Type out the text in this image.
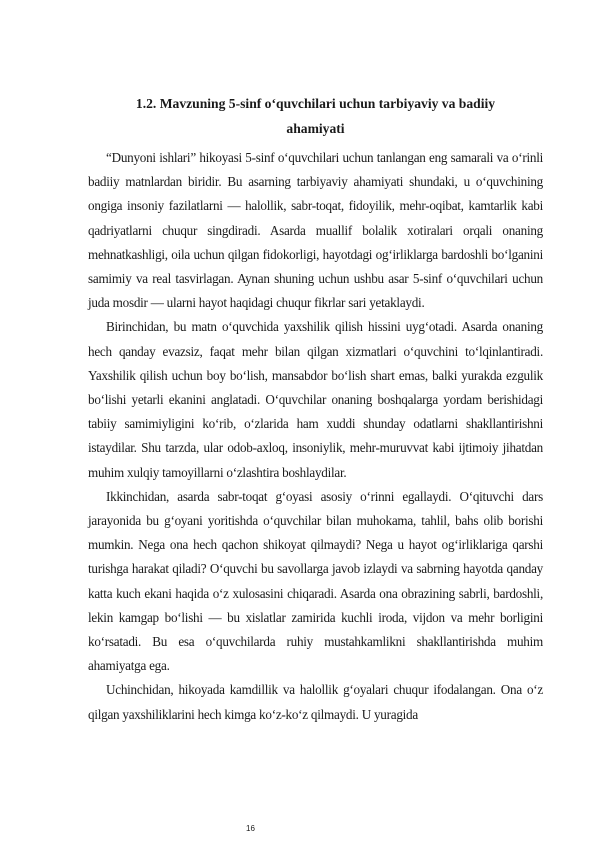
1.2. Mavzuning 5-sinf o‘quvchilari uchun tarbiyaviy va badiiy
ahamiyati

“Dunyoni ishlari” hikoyasi 5-sinf o‘quvchilari uchun tanlangan eng samarali va o‘rinli badiiy matnlardan biridir. Bu asarning tarbiyaviy ahamiyati shundaki, u o‘quvchining ongiga insoniy fazilatlarni — halollik, sabr-toqat, fidoyilik, mehr-oqibat, kamtarlik kabi qadriyatlarni chuqur singdiradi. Asarda muallif bolalik xotiralari orqali onaning mehnatkashligi, oila uchun qilgan fidokorligi, hayotdagi og‘irliklarga bardoshli bo‘lganini samimiy va real tasvirlagan. Aynan shuning uchun ushbu asar 5-sinf o‘quvchilari uchun juda mosdir — ularni hayot haqidagi chuqur fikrlar sari yetaklaydi.

Birinchidan, bu matn o‘quvchida yaxshilik qilish hissini uyg‘otadi. Asarda onaning hech qanday evazsiz, faqat mehr bilan qilgan xizmatlari o‘quvchini to‘lqinlantiradi. Yaxshilik qilish uchun boy bo‘lish, mansabdor bo‘lish shart emas, balki yurakda ezgulik bo‘lishi yetarli ekanini anglatadi. O‘quvchilar onaning boshqalarga yordam berishidagi tabiiy samimiyligini ko‘rib, o‘zlarida ham xuddi shunday odatlarni shakllantirishni istaydilar. Shu tarzda, ular odob-axloq, insoniylik, mehr-muruvvat kabi ijtimoiy jihatdan muhim xulqiy tamoyillarni o‘zlashtira boshlaydilar.

Ikkinchidan, asarda sabr-toqat g‘oyasi asosiy o‘rinni egallaydi. O‘qituvchi dars jarayonida bu g‘oyani yoritishda o‘quvchilar bilan muhokama, tahlil, bahs olib borishi mumkin. Nega ona hech qachon shikoyat qilmaydi? Nega u hayot og‘irliklariga qarshi turishga harakat qiladi? O‘quvchi bu savollarga javob izlaydi va sabrning hayotda qanday katta kuch ekani haqida o‘z xulosasini chiqaradi. Asarda ona obrazining sabrli, bardoshli, lekin kamgap bo‘lishi — bu xislatlar zamirida kuchli iroda, vijdon va mehr borligini ko‘rsatadi. Bu esa o‘quvchilarda ruhiy mustahkamlikni shakllantirishda muhim ahamiyatga ega.

Uchinchidan, hikoyada kamdillik va halollik g‘oyalari chuqur ifodalangan. Ona o‘z qilgan yaxshiliklarini hech kimga ko‘z-ko‘z qilmaydi. U yuragida

16
